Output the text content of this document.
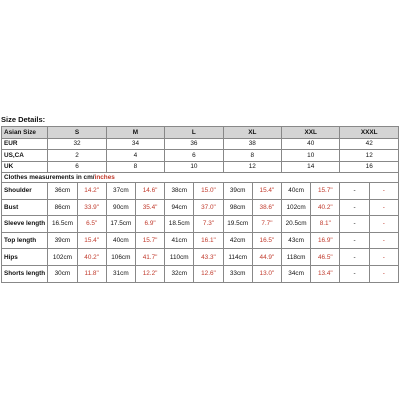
Size Details:
Asian Size	S		M		L		XL		XXL		XXXL	
EUR	32		34		36		38		40		42	
US,CA	2		4		6		8		10		12	
UK	6		8		10		12		14		16	
Clothes measurements in cm/inches												
Shoulder	36cm	14.2"	37cm	14.6"	38cm	15.0"	39cm	15.4"	40cm	15.7"	-	-
Bust	86cm	33.9"	90cm	35.4"	94cm	37.0"	98cm	38.6"	102cm	40.2"	-	-
Sleeve length	16.5cm	6.5"	17.5cm	6.9"	18.5cm	7.3"	19.5cm	7.7"	20.5cm	8.1"	-	-
Top length	39cm	15.4"	40cm	15.7"	41cm	16.1"	42cm	16.5"	43cm	16.9"	-	-
Hips	102cm	40.2"	106cm	41.7"	110cm	43.3"	114cm	44.9"	118cm	46.5"	-	-
Shorts length	30cm	11.8"	31cm	12.2"	32cm	12.6"	33cm	13.0"	34cm	13.4"	-	-
